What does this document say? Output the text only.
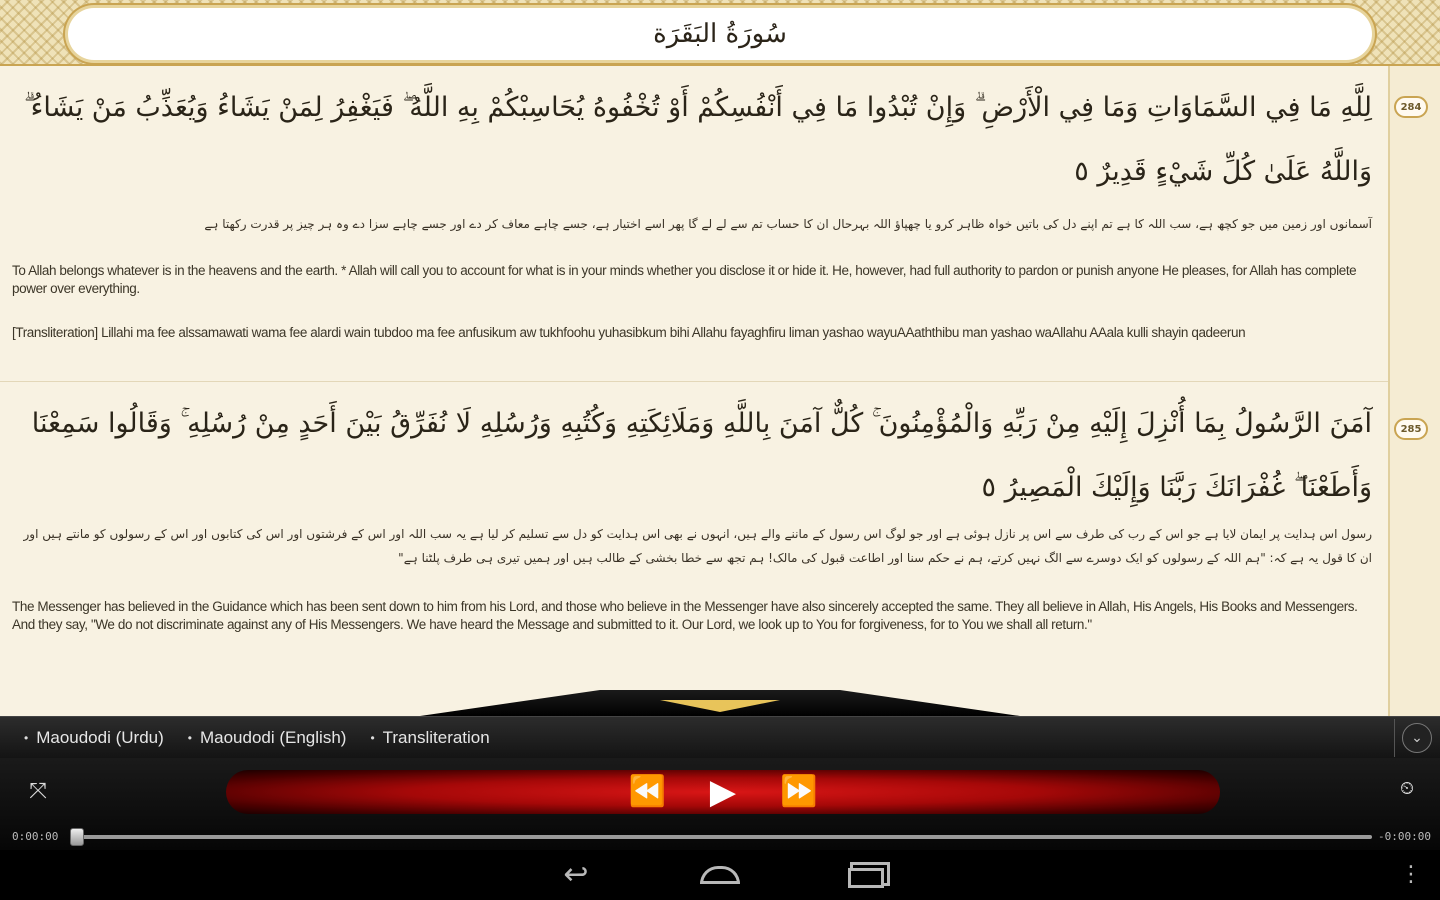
سُورَةُ البَقَرَة
284
لِلَّهِ مَا فِي السَّمَاوَاتِ وَمَا فِي الْأَرْضِ ۗ وَإِنْ تُبْدُوا مَا فِي أَنْفُسِكُمْ أَوْ تُخْفُوهُ يُحَاسِبْكُمْ بِهِ اللَّهُ ۖ فَيَغْفِرُ لِمَنْ يَشَاءُ وَيُعَذِّبُ مَنْ يَشَاءُ ۗ وَاللَّهُ عَلَىٰ كُلِّ شَيْءٍ قَدِيرٌ ٥
آسمانوں اور زمین میں جو کچھ ہے، سب اللہ کا ہے تم اپنے دل کی باتیں خواہ ظاہر کرو یا چھپاؤ اللہ بہرحال ان کا حساب تم سے لے لے گا پھر اسے اختیار ہے، جسے چاہے معاف کر دے اور جسے چاہے سزا دے وہ ہر چیز پر قدرت رکھتا ہے
To Allah belongs whatever is in the heavens and the earth. * Allah will call you to account for what is in your minds whether you disclose it or hide it. He, however, had full authority to pardon or punish anyone He pleases, for Allah has complete power over everything.
[Transliteration] Lillahi ma fee alssamawati wama fee alardi wain tubdoo ma fee anfusikum aw tukhfoohu yuhasibkum bihi Allahu fayaghfiru liman yashao wayuAAaththibu man yashao waAllahu AAala kulli shayin qadeerun
285
آمَنَ الرَّسُولُ بِمَا أُنْزِلَ إِلَيْهِ مِنْ رَبِّهِ وَالْمُؤْمِنُونَ ۚ كُلٌّ آمَنَ بِاللَّهِ وَمَلَائِكَتِهِ وَكُتُبِهِ وَرُسُلِهِ لَا نُفَرِّقُ بَيْنَ أَحَدٍ مِنْ رُسُلِهِ ۚ وَقَالُوا سَمِعْنَا وَأَطَعْنَا ۖ غُفْرَانَكَ رَبَّنَا وَإِلَيْكَ الْمَصِيرُ ٥
رسول اس ہدایت پر ایمان لایا ہے جو اس کے رب کی طرف سے اس پر نازل ہوئی ہے اور جو لوگ اس رسول کے ماننے والے ہیں، انہوں نے بھی اس ہدایت کو دل سے تسلیم کر لیا ہے یہ سب اللہ اور اس کے فرشتوں اور اس کی کتابوں اور اس کے رسولوں کو مانتے ہیں اور ان کا قول یہ ہے کہ: "ہم اللہ کے رسولوں کو ایک دوسرے سے الگ نہیں کرتے، ہم نے حکم سنا اور اطاعت قبول کی مالک! ہم تجھ سے خطا بخشی کے طالب ہیں اور ہمیں تیری ہی طرف پلٹنا ہے"
The Messenger has believed in the Guidance which has been sent down to him from his Lord, and those who believe in the Messenger have also sincerely accepted the same. They all believe in Allah, His Angels, His Books and Messengers. And they say, "We do not discriminate against any of His Messengers. We have heard the Message and submitted to it. Our Lord, we look up to You for forgiveness, for to You we shall all return."
• Maoudodi (Urdu) • Maoudodi (English) • Transliteration	⌄
⤧	⏪ ▶ ⏩	⏲
0:00:00	-0:00:00
↩	⋮
